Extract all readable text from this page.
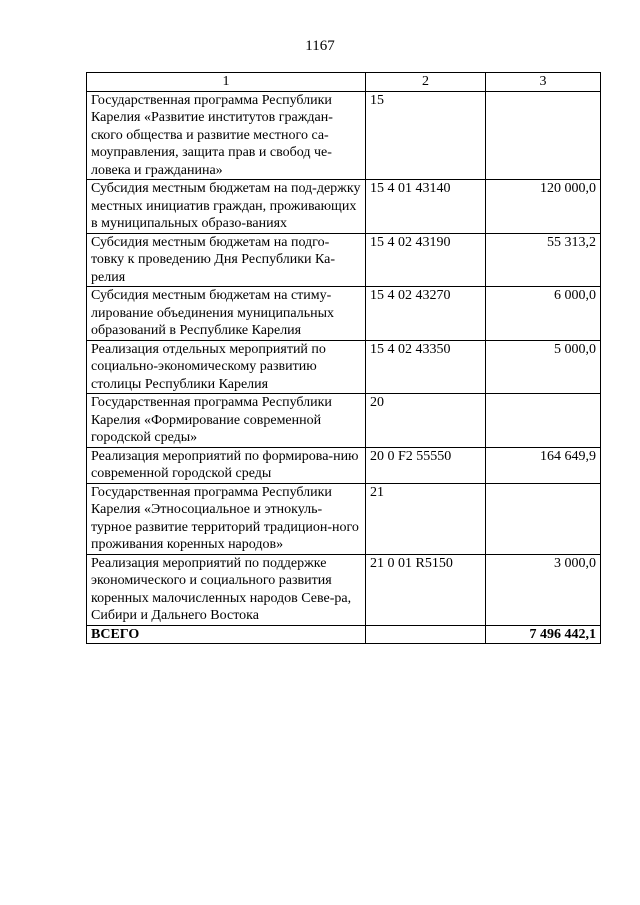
1167
1	2	3
Государственная программа Республики Карелия «Развитие институтов граждан-ского общества и развитие местного са-моуправления, защита прав и свобод че-ловека и гражданина»	15	
Субсидия местным бюджетам на под-держку местных инициатив граждан, проживающих в муниципальных образо-ваниях	15 4 01 43140	120 000,0
Субсидия местным бюджетам на подго-товку к проведению Дня Республики Ка-релия	15 4 02 43190	55 313,2
Субсидия местным бюджетам на стиму-лирование объединения муниципальных образований в Республике Карелия	15 4 02 43270	6 000,0
Реализация отдельных мероприятий по социально-экономическому развитию столицы Республики Карелия	15 4 02 43350	5 000,0
Государственная программа Республики Карелия «Формирование современной городской среды»	20	
Реализация мероприятий по формирова-нию современной городской среды	20 0 F2 55550	164 649,9
Государственная программа Республики Карелия «Этносоциальное и этнокуль-турное развитие территорий традицион-ного проживания коренных народов»	21	
Реализация мероприятий по поддержке экономического и социального развития коренных малочисленных народов Севе-ра, Сибири и Дальнего Востока	21 0 01 R5150	3 000,0
ВСЕГО		7 496 442,1
